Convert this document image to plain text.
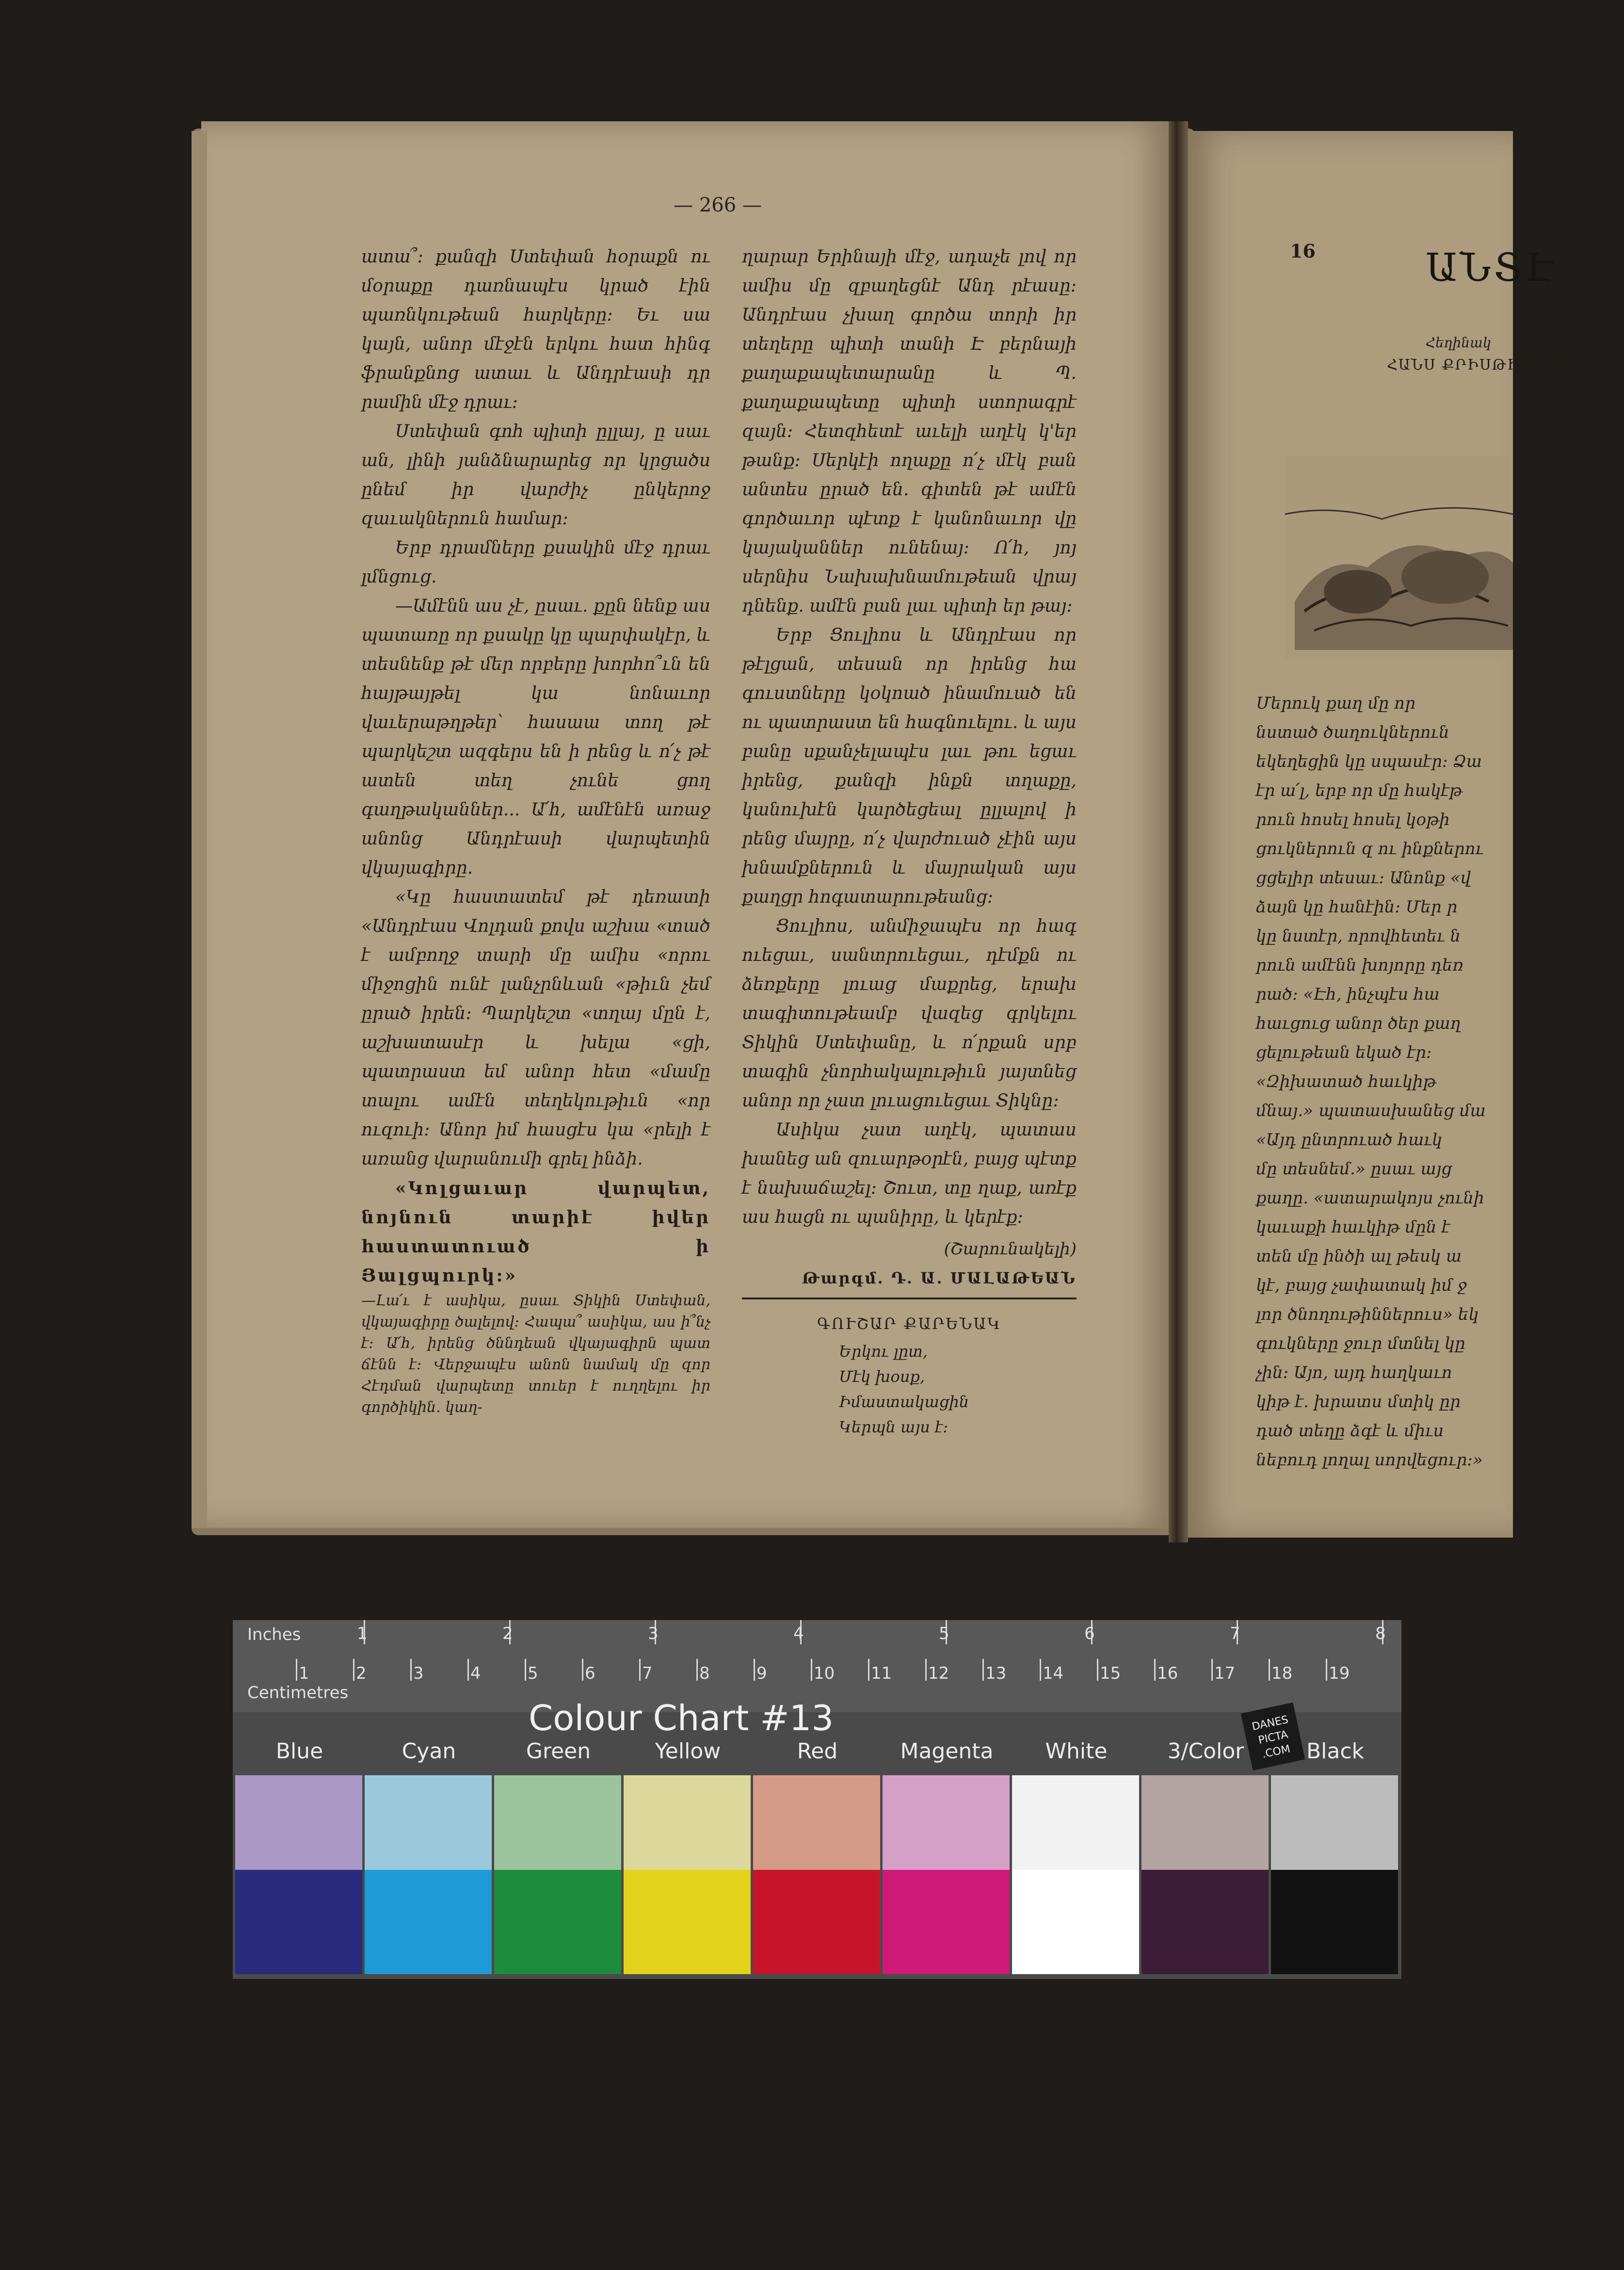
— 266 —

ատա՞։ քանզի Ստեփան հօրաքն ու մօրաքը դառնապէս կրած էին պառնկութեան հարկերը։ Եւ սա կայն, անոր մէջէն երկու հատ հինգ ֆրանքնոց ատաւ և Անդրէասի դր րամին մէջ դրաւ։

Ստեփան գոհ պիտի ըլլայ, ը սաւ ան, լինի յանձնարարեց որ կրցածս ընեմ իր վարժիչ ընկերոջ զաւակներուն համար։

Երբ դրամները քսակին մէջ դրաւ լմնցուց.

—Ամէնն աս չէ, ըսաւ. քըն նենք աս պատառը որ քսակը կը պարփակէր, և տեսնենք թէ մեր որբերը խորհո՞ւն են հայթայթել կա նոնաւոր վաւերաթղթեր՝ հասաա տող թէ պարկեշտ ազգերս են ի րենց և ո՛չ թէ ատեն տեղ չունե ցող գաղթականներ... Ա՛հ, ամէնէն առաջ անոնց Անդրէասի վարպետին վկայագիրը.

«Կը հաստատեմ թէ դեռատի «Անդրէաս Վոլդան քովս աշխա «տած է ամբողջ տարի մը ամիս «որու միջոցին ունէ լանչրնևան «թիւն չեմ ըրած իրեն։ Պարկեշտ «տղայ մըն է, աշխատասէր և խելա «ցի, պատրաստ եմ անոր հետ «մամը տալու ամէն տեղեկութիւն «որ ուզուի։ Անոր իմ հասցէս կա «րելի է առանց վարանումի գրել ինձի.

«Կոլցաւար վարպետ, նոյնուն տարիէ իվեր հաստատուած ի Յալցպուրկ:»

—Լա՛ւ է ասիկա, ըսաւ Տիկին Ստեփան, վկայագիրը ծալելով։ Հապա՞ ասիկա, աս ի՞նչ է։ Ա՛հ, իրենց ծննդեան վկայագիրն պատ ճէնն է։ Վերջապէս անոն նամակ մը զոր Հէդման վարպետը տուեր է ուղղելու իր գործիկին. կաղ-

ղարար Երինայի մէջ, ադաչե լով որ ամիս մը զբաղեցնէ Անդ րէասը։ Անդրէաս չխաղ գործա տորի իր տեղերը պիտի տանի Է բերնայի քաղաքապետարանը և Պ. քաղաքապետը պիտի ստորագրէ զայն։ Հետզհետէ աւելի աղէկ կ'եր թանք։ Սերկէի ողաքը ո՛չ մէկ բան անտես ըրած են. գիտեն թէ ամէն գործաւոր պէտք է կանոնաւոր վը կայականներ ունենայ։ Ո՛հ, յոյ սերնիս Նախախնամութեան վրայ դնենք. ամէն բան լաւ պիտի եր թայ։

Երբ Ցուլիոս և Անդրէաս որ թէլցան, տեսան որ իրենց հա գուստները կօկոած ինամուած են ու պատրաստ են հագնուելու. և այս բանը սքանչելապէս լաւ թու եցաւ իրենց, քանզի ինքն տղաքը, կանուխէն կարծեցեալ ըլլալով ի րենց մայրը, ո՛չ վարժուած չէին այս խնամքներուն և մայրական այս քաղցր հոգատարութեանց։

Ցուլիոս, անմիջապէս որ հագ ուեցաւ, սանտրուեցաւ, դէմքն ու ձեռքերը լուաց մաքրեց, երախ տագիտութեամբ վազեց գրկելու Տիկին Ստեփանը, և ո՛րքան սրբ տագին չնորհակալութիւն յայտնեց անոր որ չատ լուացուեցաւ Տիկնը։

Ասիկա չատ աղէկ, պատաս խանեց ան զուարթօրէն, բայց պէտք է նախաճաշել։ Շուտ, տը ղաք, առէք աս հացն ու պանիրը, և կերէք։

(Շարունակելի)
Թարգմ. Դ. Ա. ՄԱԼԱԹԵԱՆ
ԳՈՒՇԱՐ ՔԱՐԵՆԱԿ
Երկու լըտ,
Մէկ խօսք,
Իմաստակացին
Կերպն այս է։
16	ԱՆՏԷ
Հեղինակ
ՀԱՆՍ ՔՐԻՍԹԻԱՆ ԱՆՏԷՐՍ
Մերուկ քաղ մը որ
նստած ծաղուկներուն
եկեղեցին կը սպասէր։ Ձա
էր ա՛լ, երբ որ մը հակէթ
րուն հոսել հոսել կօթի
ցուկներուն զ ու ինքներու
ցցելիր տեսաւ։ Անոնք «վ
ձայն կը հանէին։ Մեր ր
կը նստէր, որովհետեւ ն
րուն ամէնն խոյորը դեռ
րած։ «Էհ, ինչպէս հա
հաւցուց անոր ծեր քաղ
ցելութեան եկած էր։
«Զիխատած հաւկիթ
մնայ.» պատասխանեց մա
«Այդ ընտրուած հաւկ
մը տեսնեմ.» ըսաւ այց
քաղը. «ատարակոյս չունի
կաւաքի հաւկիթ մըն է
տեն մը ինծի ալ թեսկ ա
կէ, բայց չափատակ իմ ջ
լոր ծնողութիններուս» եկ
գուկները ջուր մտնել կը
չին։ Այո, այդ հաղկաւո
կիթ է. խրատս մտիկ ըր
դած տեղը ձգէ և միւս
նեբուդ լողալ սորվեցուր։»
Inches
Centimetres
1	2	3	4	5	6	7	8
1	2	3	4	5	6	7	8	9	10 11 12 13 14 15 16 17 18 19
Colour Chart #13	DANES PICTA .COM
Blue	Cyan	Green	Yellow	Red	Magenta	White	3/Color	Black
